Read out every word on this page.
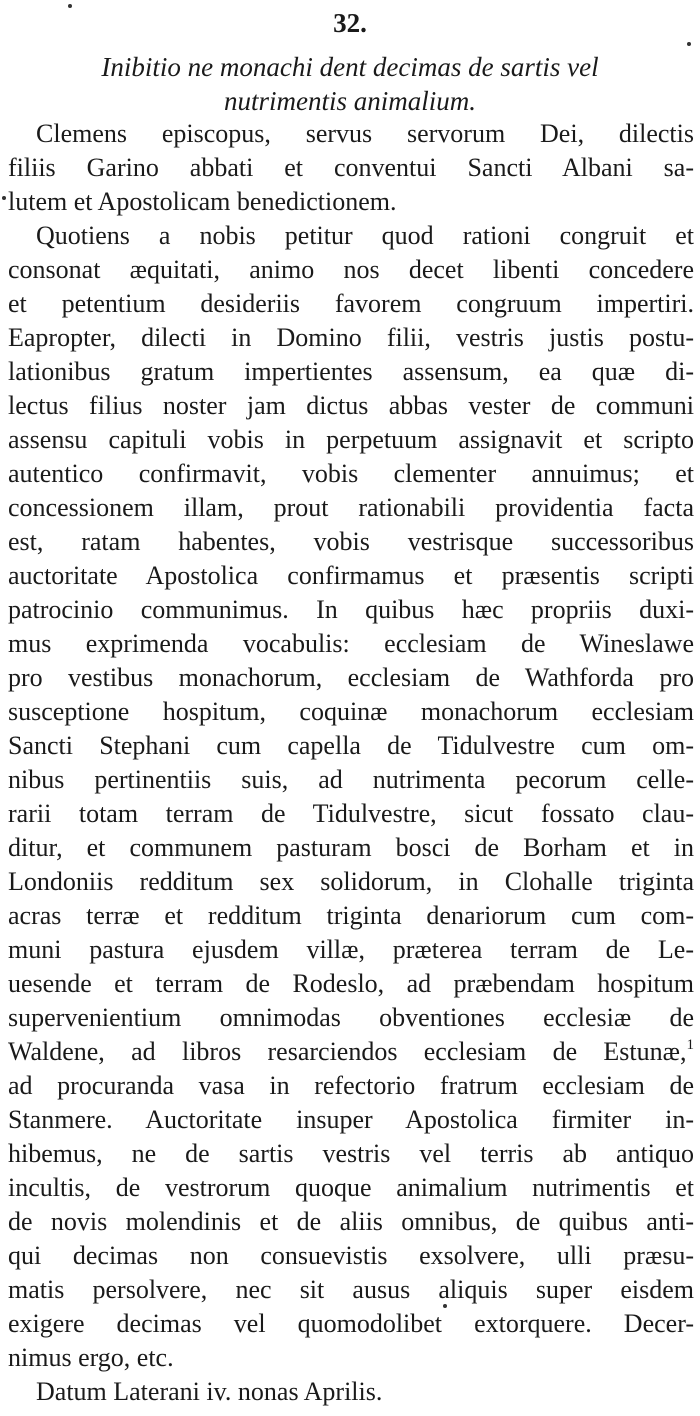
32.
Inibitio ne monachi dent decimas de sartis vel
nutrimentis animalium.
Clemens episcopus, servus servorum Dei, dilectis
filiis Garino abbati et conventui Sancti Albani sa-
lutem et Apostolicam benedictionem.
Quotiens a nobis petitur quod rationi congruit et
consonat æquitati, animo nos decet libenti concedere
et petentium desideriis favorem congruum impertiri.
Eapropter, dilecti in Domino filii, vestris justis postu-
lationibus gratum impertientes assensum, ea quæ di-
lectus filius noster jam dictus abbas vester de communi
assensu capituli vobis in perpetuum assignavit et scripto
autentico confirmavit, vobis clementer annuimus; et
concessionem illam, prout rationabili providentia facta
est, ratam habentes, vobis vestrisque successoribus
auctoritate Apostolica confirmamus et præsentis scripti
patrocinio communimus. In quibus hæc propriis duxi-
mus exprimenda vocabulis: ecclesiam de Wineslawe
pro vestibus monachorum, ecclesiam de Wathforda pro
susceptione hospitum, coquinæ monachorum ecclesiam
Sancti Stephani cum capella de Tidulvestre cum om-
nibus pertinentiis suis, ad nutrimenta pecorum celle-
rarii totam terram de Tidulvestre, sicut fossato clau-
ditur, et communem pasturam bosci de Borham et in
Londoniis redditum sex solidorum, in Clohalle triginta
acras terræ et redditum triginta denariorum cum com-
muni pastura ejusdem villæ, præterea terram de Le-
uesende et terram de Rodeslo, ad præbendam hospitum
supervenientium omnimodas obventiones ecclesiæ de
Waldene, ad libros resarciendos ecclesiam de Estunæ,$^1$
ad procuranda vasa in refectorio fratrum ecclesiam de
Stanmere. Auctoritate insuper Apostolica firmiter in-
hibemus, ne de sartis vestris vel terris ab antiquo
incultis, de vestrorum quoque animalium nutrimentis et
de novis molendinis et de aliis omnibus, de quibus anti-
qui decimas non consuevistis exsolvere, ulli præsu-
matis persolvere, nec sit ausus aliquis super eisdem
exigere decimas vel quomodolibet extorquere. Decer-
nimus ergo, etc.
Datum Laterani iv. nonas Aprilis.
